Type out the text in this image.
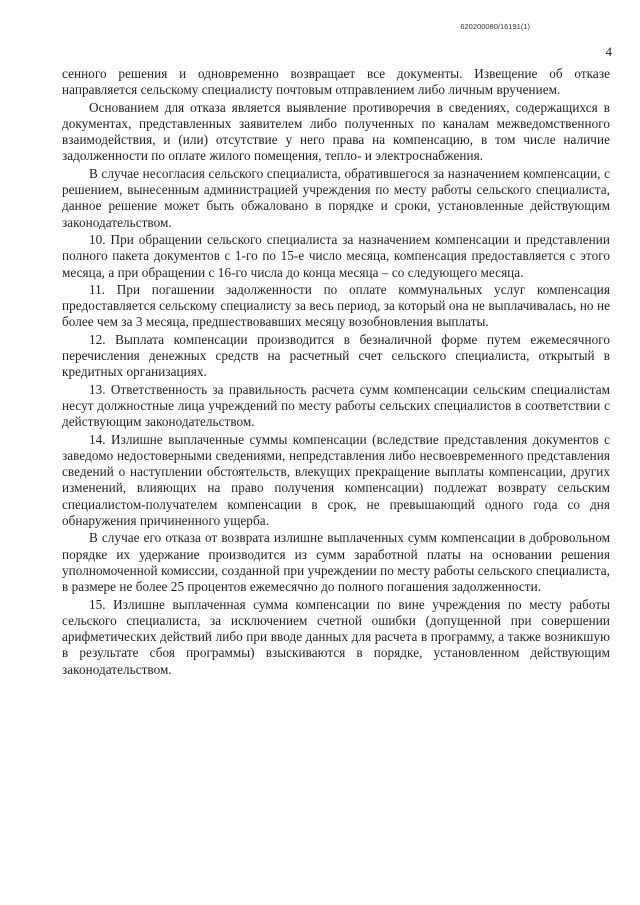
620200080/16191(1)
4

сенного решения и одновременно возвращает все документы. Извещение об отказе направляется сельскому специалисту почтовым отправлением либо личным вручением.

Основанием для отказа является выявление противоречия в сведениях, содержащихся в документах, представленных заявителем либо полученных по каналам межведомственного взаимодействия, и (или) отсутствие у него права на компенсацию, в том числе наличие задолженности по оплате жилого помещения, тепло- и электроснабжения.

В случае несогласия сельского специалиста, обратившегося за назначением компенсации, с решением, вынесенным администрацией учреждения по месту работы сельского специалиста, данное решение может быть обжаловано в порядке и сроки, установленные действующим законодательством.

10. При обращении сельского специалиста за назначением компенсации и представлении полного пакета документов с 1-го по 15-е число месяца, компенсация предоставляется с этого месяца, а при обращении с 16-го числа до конца месяца – со следующего месяца.

11. При погашении задолженности по оплате коммунальных услуг компенсация предоставляется сельскому специалисту за весь период, за который она не выплачивалась, но не более чем за 3 месяца, предшествовавших месяцу возобновления выплаты.

12. Выплата компенсации производится в безналичной форме путем ежемесячного перечисления денежных средств на расчетный счет сельского специалиста, открытый в кредитных организациях.

13. Ответственность за правильность расчета сумм компенсации сельским специалистам несут должностные лица учреждений по месту работы сельских специалистов в соответствии с действующим законодательством.

14. Излишне выплаченные суммы компенсации (вследствие представления документов с заведомо недостоверными сведениями, непредставления либо несвоевременного представления сведений о наступлении обстоятельств, влекущих прекращение выплаты компенсации, других изменений, влияющих на право получения компенсации) подлежат возврату сельским специалистом-получателем компенсации в срок, не превышающий одного года со дня обнаружения причиненного ущерба.

В случае его отказа от возврата излишне выплаченных сумм компенсации в добровольном порядке их удержание производится из сумм заработной платы на основании решения уполномоченной комиссии, созданной при учреждении по месту работы сельского специалиста, в размере не более 25 процентов ежемесячно до полного погашения задолженности.

15. Излишне выплаченная сумма компенсации по вине учреждения по месту работы сельского специалиста, за исключением счетной ошибки (допущенной при совершении арифметических действий либо при вводе данных для расчета в программу, а также возникшую в результате сбоя программы) взыскиваются в порядке, установленном действующим законодательством.
